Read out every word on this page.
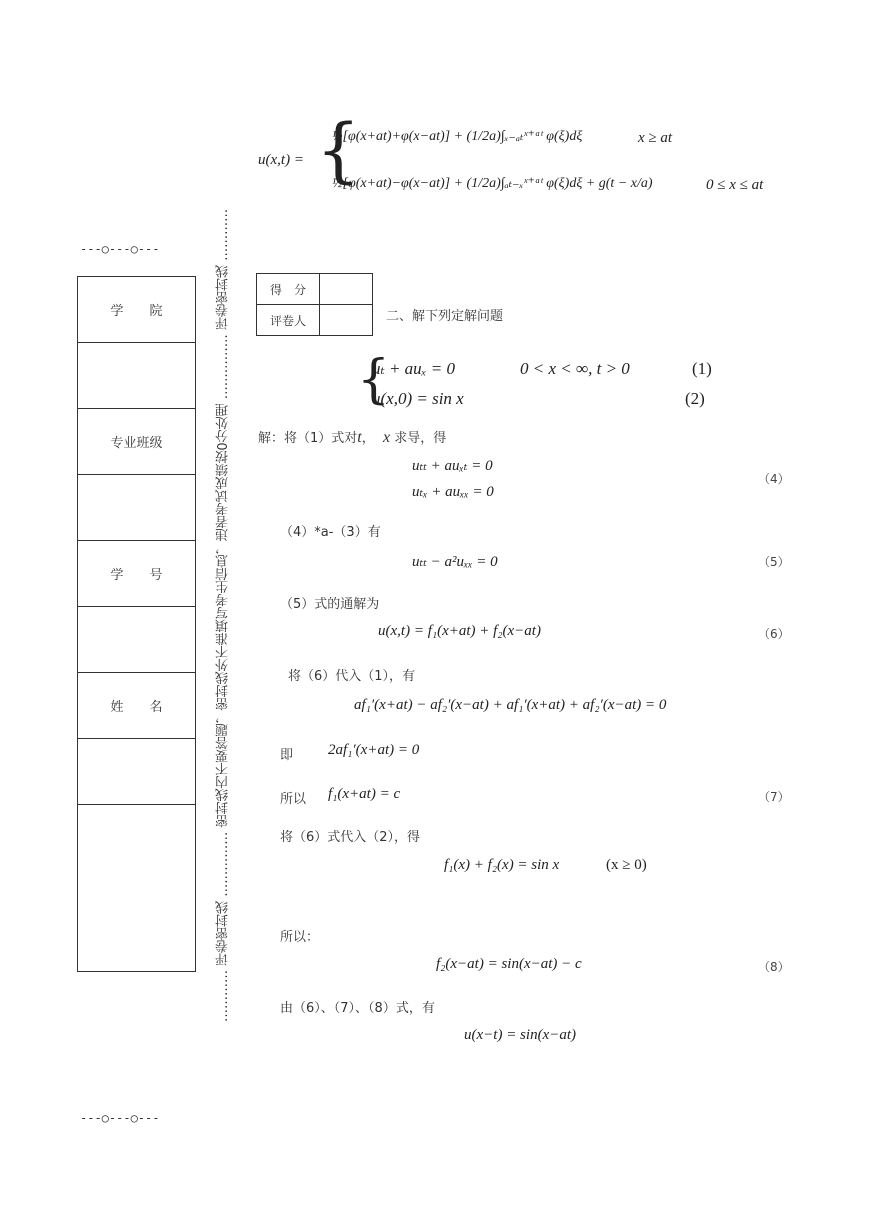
---○---○---
---○---○---
学　　院

专业班级

学　　号

姓　　名	………… 评卷密封线 …………… 密封线内不要答题，密封线外不准填写考生信息，违者考试成绩按0分处理 …………… 评卷密封线 …………
u(x,t) = {
½[φ(x+at)+φ(x−at)] + (1/2a)∫ₓ₋ₐₜˣ⁺ᵃᵗ φ(ξ)dξ	x ≥ at
½[φ(x+at)−φ(x−at)] + (1/2a)∫ₐₜ₋ₓˣ⁺ᵃᵗ φ(ξ)dξ + g(t − x/a)	0 ≤ x ≤ at
得　分	
评卷人		二、解下列定解问题
{
uₜ + auₓ = 0	0 < x < ∞, t > 0	(1)
u(x,0) = sin x	(2)
解：将（1）式对t， x 求导，得
uₜₜ + auₓₜ = 0
uₜₓ + auₓₓ = 0
（4）
（4）*a-（3）有
uₜₜ − a²uₓₓ = 0	（5）
（5）式的通解为
u(x,t) = f₁(x+at) + f₂(x−at)	（6）
将（6）代入（1），有
af₁′(x+at) − af₂′(x−at) + af₁′(x+at) + af₂′(x−at) = 0
即 2af₁′(x+at) = 0
所以 f₁(x+at) = c	（7）
将（6）式代入（2），得
f₁(x) + f₂(x) = sin x	(x ≥ 0)
所以：
f₂(x−at) = sin(x−at) − c	（8）
由（6）、（7）、（8）式，有
u(x−t) = sin(x−at)
